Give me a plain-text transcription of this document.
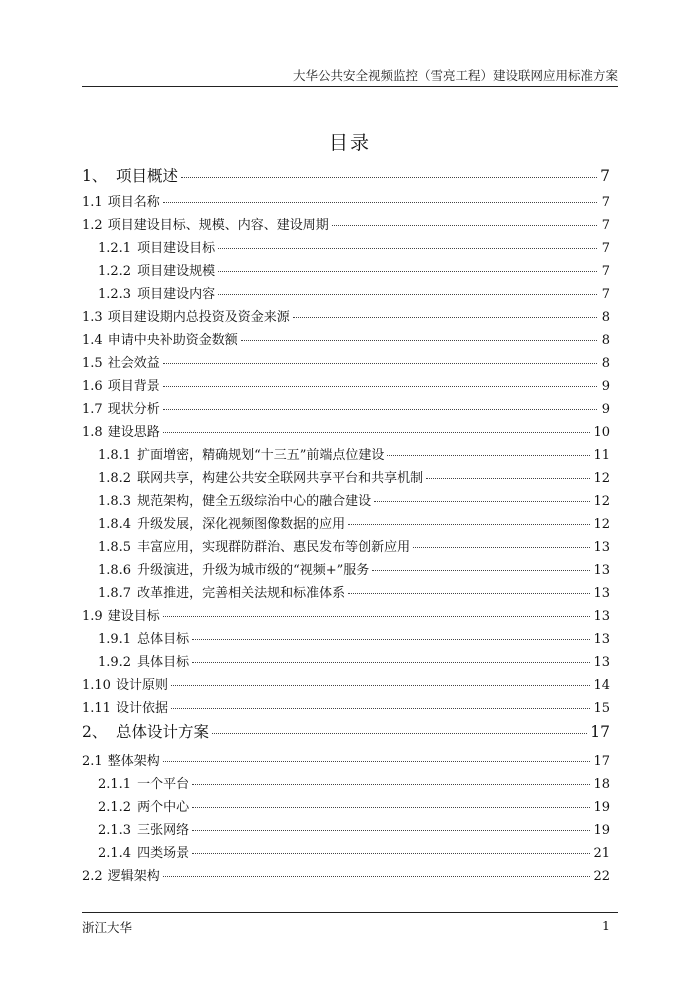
大华公共安全视频监控（雪亮工程）建设联网应用标准方案
目录
1、 项目概述	7
1.1 项目名称	7
1.2 项目建设目标、规模、内容、建设周期	7
1.2.1 项目建设目标	7
1.2.2 项目建设规模	7
1.2.3 项目建设内容	7
1.3 项目建设期内总投资及资金来源	8
1.4 申请中央补助资金数额	8
1.5 社会效益	8
1.6 项目背景	9
1.7 现状分析	9
1.8 建设思路	10
1.8.1 扩面增密，精确规划“十三五”前端点位建设	11
1.8.2 联网共享，构建公共安全联网共享平台和共享机制	12
1.8.3 规范架构，健全五级综治中心的融合建设	12
1.8.4 升级发展，深化视频图像数据的应用	12
1.8.5 丰富应用，实现群防群治、惠民发布等创新应用	13
1.8.6 升级演进，升级为城市级的“视频+”服务	13
1.8.7 改革推进，完善相关法规和标准体系	13
1.9 建设目标	13
1.9.1 总体目标	13
1.9.2 具体目标	13
1.10 设计原则	14
1.11 设计依据	15
2、 总体设计方案	17
2.1 整体架构	17
2.1.1 一个平台	18
2.1.2 两个中心	19
2.1.3 三张网络	19
2.1.4 四类场景	21
2.2 逻辑架构	22
浙江大华	1
